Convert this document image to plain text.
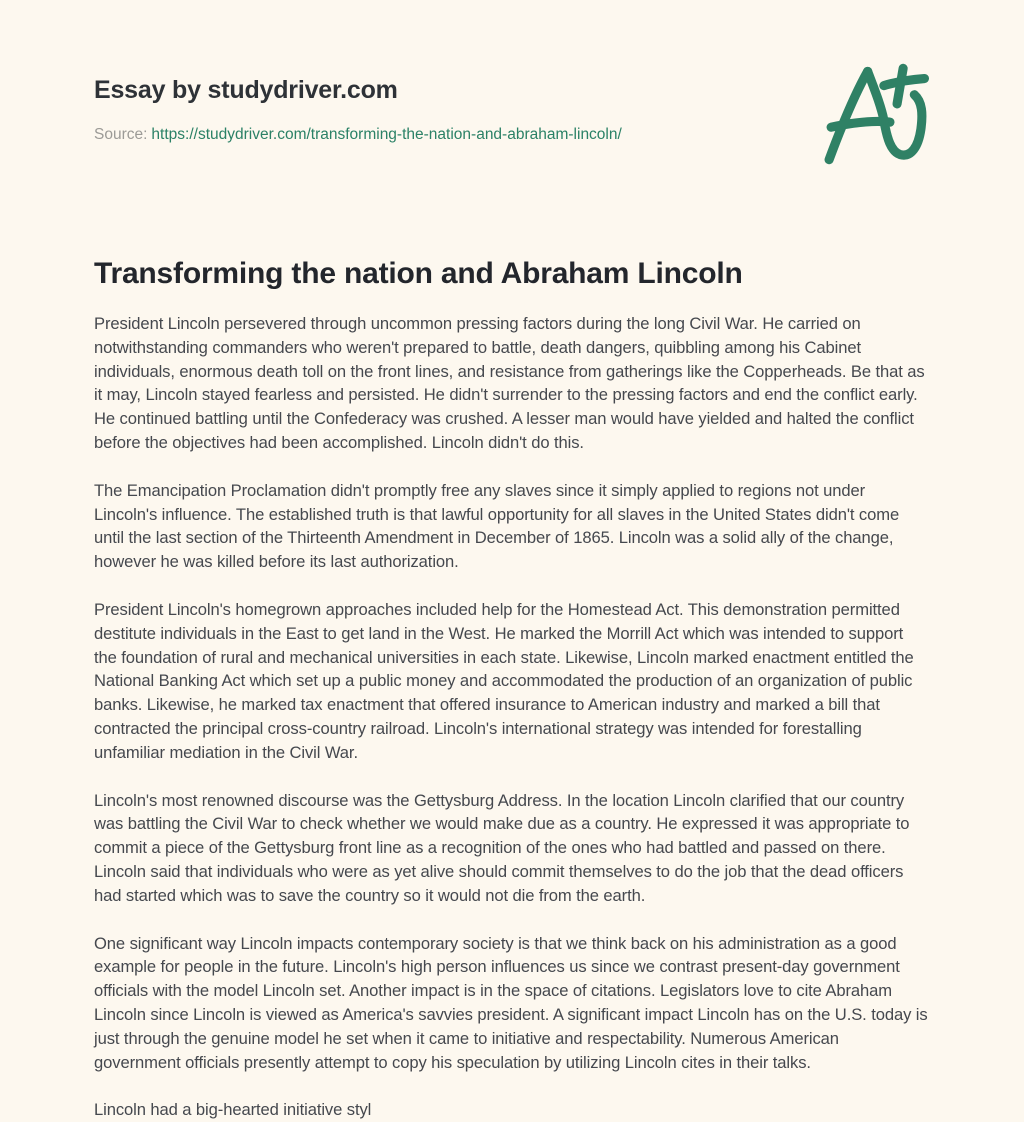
Essay by studydriver.com
Source: https://studydriver.com/transforming-the-nation-and-abraham-lincoln/
Transforming the nation and Abraham Lincoln

President Lincoln persevered through uncommon pressing factors during the long Civil War. He carried on notwithstanding commanders who weren't prepared to battle, death dangers, quibbling among his Cabinet individuals, enormous death toll on the front lines, and resistance from gatherings like the Copperheads. Be that as it may, Lincoln stayed fearless and persisted. He didn't surrender to the pressing factors and end the conflict early. He continued battling until the Confederacy was crushed. A lesser man would have yielded and halted the conflict before the objectives had been accomplished. Lincoln didn't do this.

The Emancipation Proclamation didn't promptly free any slaves since it simply applied to regions not under Lincoln's influence. The established truth is that lawful opportunity for all slaves in the United States didn't come until the last section of the Thirteenth Amendment in December of 1865. Lincoln was a solid ally of the change, however he was killed before its last authorization.

President Lincoln's homegrown approaches included help for the Homestead Act. This demonstration permitted destitute individuals in the East to get land in the West. He marked the Morrill Act which was intended to support the foundation of rural and mechanical universities in each state. Likewise, Lincoln marked enactment entitled the National Banking Act which set up a public money and accommodated the production of an organization of public banks. Likewise, he marked tax enactment that offered insurance to American industry and marked a bill that contracted the principal cross-country railroad. Lincoln's international strategy was intended for forestalling unfamiliar mediation in the Civil War.

Lincoln's most renowned discourse was the Gettysburg Address. In the location Lincoln clarified that our country was battling the Civil War to check whether we would make due as a country. He expressed it was appropriate to commit a piece of the Gettysburg front line as a recognition of the ones who had battled and passed on there. Lincoln said that individuals who were as yet alive should commit themselves to do the job that the dead officers had started which was to save the country so it would not die from the earth.

One significant way Lincoln impacts contemporary society is that we think back on his administration as a good example for people in the future. Lincoln's high person influences us since we contrast present-day government officials with the model Lincoln set. Another impact is in the space of citations. Legislators love to cite Abraham Lincoln since Lincoln is viewed as America's savvies president. A significant impact Lincoln has on the U.S. today is just through the genuine model he set when it came to initiative and respectability. Numerous American government officials presently attempt to copy his speculation by utilizing Lincoln cites in their talks.

Lincoln had a big-hearted initiative styl
